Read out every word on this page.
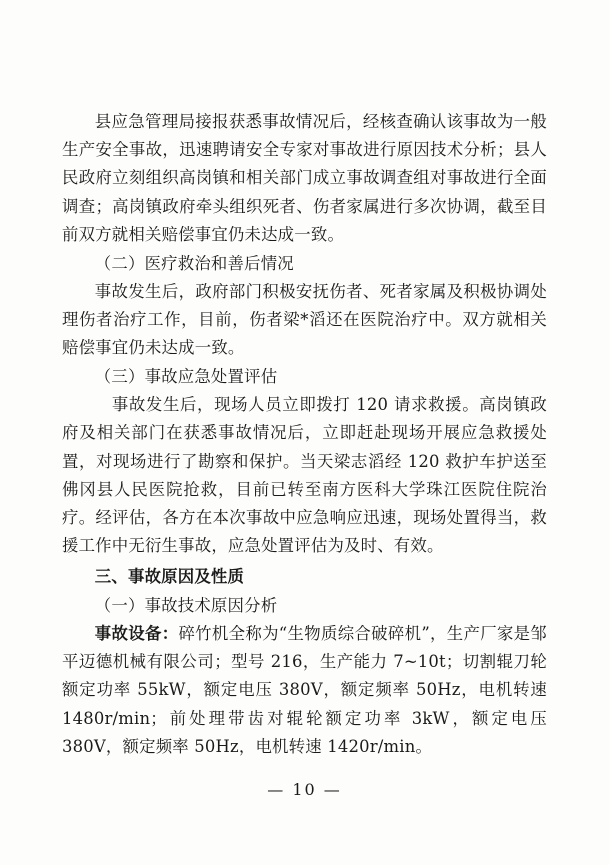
县应急管理局接报获悉事故情况后，经核查确认该事故为一般生产安全事故，迅速聘请安全专家对事故进行原因技术分析；县人民政府立刻组织高岗镇和相关部门成立事故调查组对事故进行全面调查；高岗镇政府牵头组织死者、伤者家属进行多次协调，截至目前双方就相关赔偿事宜仍未达成一致。

（二）医疗救治和善后情况

事故发生后，政府部门积极安抚伤者、死者家属及积极协调处理伤者治疗工作，目前，伤者梁*滔还在医院治疗中。双方就相关赔偿事宜仍未达成一致。

（三）事故应急处置评估

　事故发生后，现场人员立即拨打 120 请求救援。高岗镇政府及相关部门在获悉事故情况后，立即赶赴现场开展应急救援处置，对现场进行了勘察和保护。当天梁志滔经 120 救护车护送至佛冈县人民医院抢救，目前已转至南方医科大学珠江医院住院治疗。经评估，各方在本次事故中应急响应迅速，现场处置得当，救援工作中无衍生事故，应急处置评估为及时、有效。

三、事故原因及性质

（一）事故技术原因分析

事故设备：碎竹机全称为“生物质综合破碎机”，生产厂家是邹平迈德机械有限公司；型号 216，生产能力 7~10t；切割辊刀轮额定功率 55kW，额定电压 380V，额定频率 50Hz，电机转速 1480r/min；前处理带齿对辊轮额定功率 3kW，额定电压 380V，额定频率 50Hz，电机转速 1420r/min。

— 10 —
